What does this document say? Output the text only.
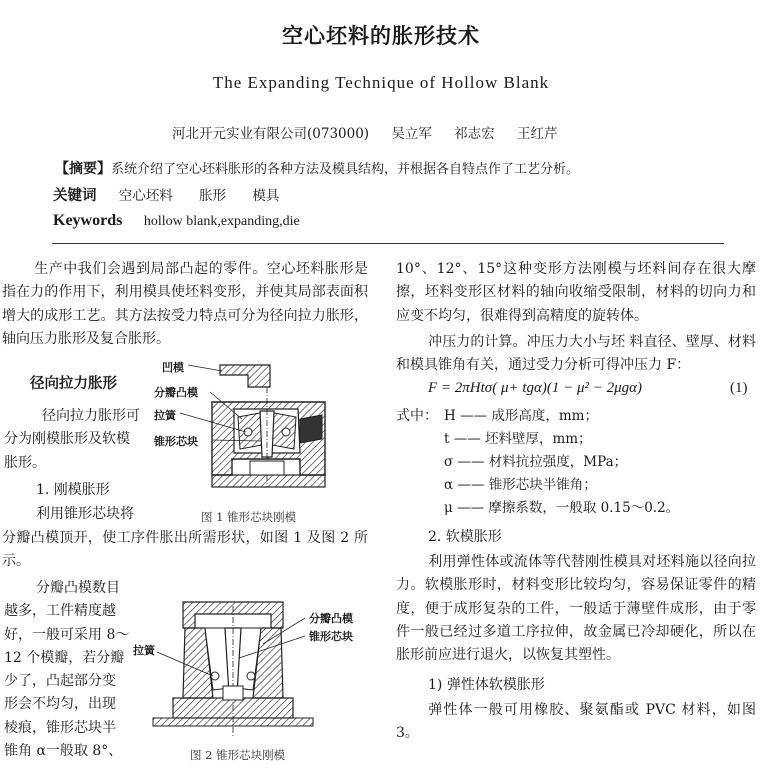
空心坯料的胀形技术
The Expanding Technique of Hollow Blank
河北开元实业有限公司(073000) 吴立军 祁志宏 王红芹
【摘要】系统介绍了空心坯料胀形的各种方法及模具结构，并根据各自特点作了工艺分析。
关键词 空心坯料 胀形 模具
Keywords hollow blank,expanding,die

生产中我们会遇到局部凸起的零件。空心坯料胀形是指在力的作用下，利用模具使坯料变形，并使其局部表面积增大的成形工艺。其方法按受力特点可分为径向拉力胀形，轴向压力胀形及复合胀形。

径向拉力胀形
径向拉力胀形可
分为刚模胀形及软模
胀形。
1. 刚模胀形
利用锥形芯块将

分瓣凸模顶开，使工序件胀出所需形状，如图 1 及图 2 所示。

分瓣凸模数目
越多，工件精度越
好，一般可采用 8～
12 个模瓣，若分瓣
少了，凸起部分变
形会不均匀，出现
棱痕，锥形芯块半
锥角 α一般取 8°、
凹模
分瓣凸模
拉簧
锥形芯块
图 1 锥形芯块刚模
分瓣凸模
锥形芯块
拉簧
图 2 锥形芯块刚模

10°、12°、15°这种变形方法刚模与坯料间存在很大摩擦，坯料变形区材料的轴向收缩受限制，材料的切向力和应变不均匀，很难得到高精度的旋转体。

冲压力的计算。冲压力大小与坯 料直径、壁厚、材料和模具锥角有关，通过受力分析可得冲压力 F：

F = 2πHtσ( μ+ tgα)(1 − μ² − 2μgα)	(1)
式中： H —— 成形高度，mm；
t —— 坯料壁厚，mm；
σ —— 材料抗拉强度，MPa；
α —— 锥形芯块半锥角；
μ —— 摩擦系数，一般取 0.15～0.2。
2. 软模胀形

利用弹性体或流体等代替刚性模具对坯料施以径向拉力。软模胀形时，材料变形比较均匀，容易保证零件的精度，便于成形复杂的工件，一般适于薄壁件成形，由于零件一般已经过多道工序拉伸，故金属已冷却硬化，所以在胀形前应进行退火，以恢复其塑性。

1) 弹性体软模胀形

弹性体一般可用橡胶、聚氨酯或 PVC 材料，如图 3。
